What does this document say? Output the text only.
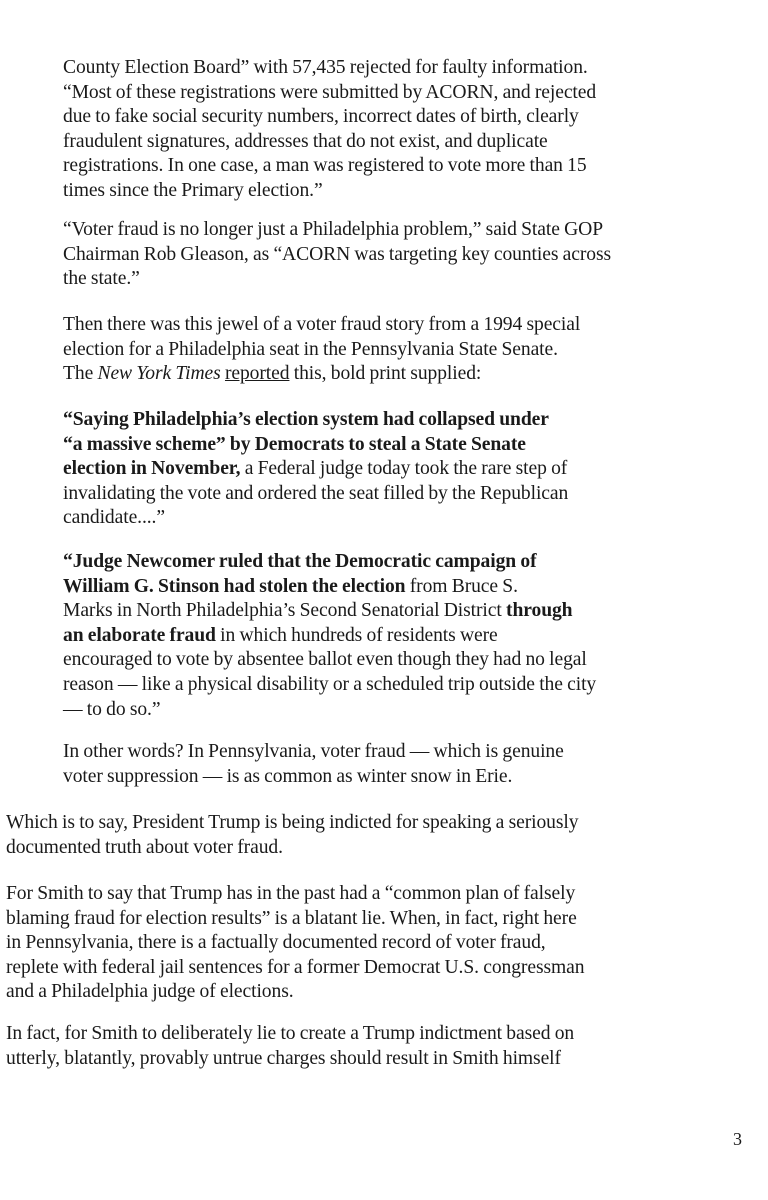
County Election Board” with 57,435 rejected for faulty information.
“Most of these registrations were submitted by ACORN, and rejected
due to fake social security numbers, incorrect dates of birth, clearly
fraudulent signatures, addresses that do not exist, and duplicate
registrations. In one case, a man was registered to vote more than 15
times since the Primary election.”
“Voter fraud is no longer just a Philadelphia problem,” said State GOP
Chairman Rob Gleason, as “ACORN was targeting key counties across
the state.”
Then there was this jewel of a voter fraud story from a 1994 special
election for a Philadelphia seat in the Pennsylvania State Senate.
The New York Times reported this, bold print supplied:
“Saying Philadelphia’s election system had collapsed under
“a massive scheme” by Democrats to steal a State Senate
election in November, a Federal judge today took the rare step of
invalidating the vote and ordered the seat filled by the Republican
candidate....”
“Judge Newcomer ruled that the Democratic campaign of
William G. Stinson had stolen the election from Bruce S.
Marks in North Philadelphia’s Second Senatorial District through
an elaborate fraud in which hundreds of residents were
encouraged to vote by absentee ballot even though they had no legal
reason — like a physical disability or a scheduled trip outside the city
— to do so.”
In other words? In Pennsylvania, voter fraud — which is genuine
voter suppression — is as common as winter snow in Erie.
Which is to say, President Trump is being indicted for speaking a seriously
documented truth about voter fraud.
For Smith to say that Trump has in the past had a “common plan of falsely
blaming fraud for election results” is a blatant lie. When, in fact, right here
in Pennsylvania, there is a factually documented record of voter fraud,
replete with federal jail sentences for a former Democrat U.S. congressman
and a Philadelphia judge of elections.
In fact, for Smith to deliberately lie to create a Trump indictment based on
utterly, blatantly, provably untrue charges should result in Smith himself
3
